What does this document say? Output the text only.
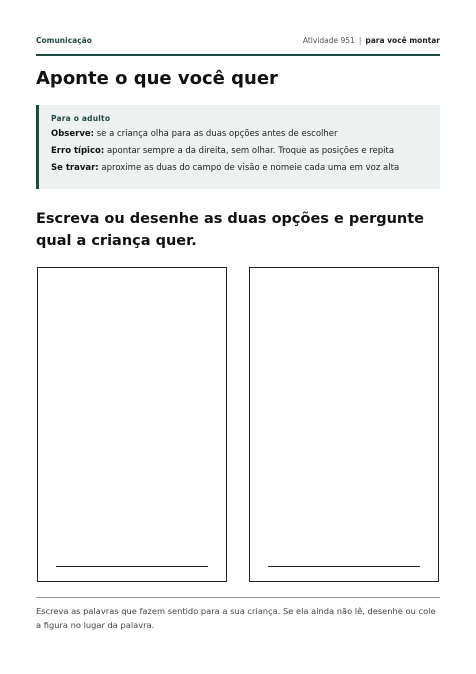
Comunicação	Atividade 951 | para você montar
Aponte o que você quer
Para o adulto
Observe: se a criança olha para as duas opções antes de escolher
Erro típico: apontar sempre a da direita, sem olhar. Troque as posições e repita
Se travar: aproxime as duas do campo de visão e nomeie cada uma em voz alta

Escreva ou desenhe as duas opções e pergunte qual a criança quer.

Escreva as palavras que fazem sentido para a sua criança. Se ela ainda não lê, desenhe ou cole a figura no lugar da palavra.
